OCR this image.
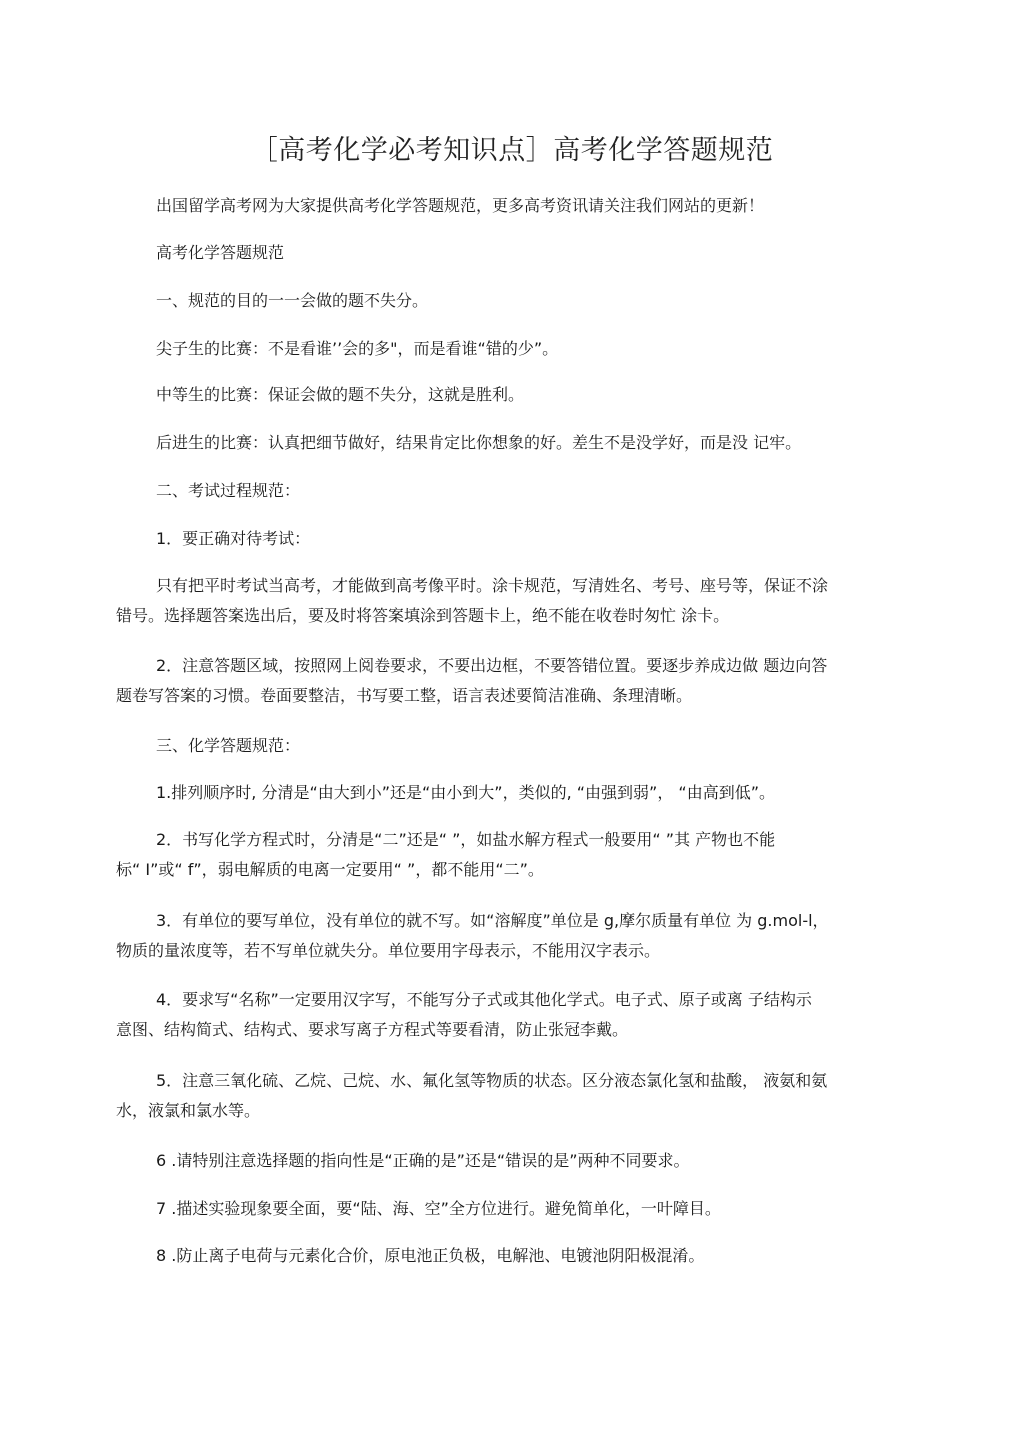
［高考化学必考知识点］高考化学答题规范
出国留学高考网为大家提供高考化学答题规范，更多高考资讯请关注我们网站的更新！
高考化学答题规范
一、规范的目的一一会做的题不失分。
尖子生的比赛：不是看谁’’会的多"，而是看谁“错的少”。
中等生的比赛：保证会做的题不失分，这就是胜利。
后进生的比赛：认真把细节做好，结果肯定比你想象的好。差生不是没学好，而是没 记牢。
二、考试过程规范：
1．要正确对待考试：
只有把平时考试当高考，才能做到高考像平时。涂卡规范，写清姓名、考号、座号等，保证不涂
错号。选择题答案选出后，要及时将答案填涂到答题卡上，绝不能在收卷时匆忙 涂卡。
2．注意答题区域，按照网上阅卷要求，不要出边框，不要答错位置。要逐步养成边做 题边向答
题卷写答案的习惯。卷面要整洁，书写要工整，语言表述要简洁准确、条理清晰。
三、化学答题规范：
1.排列顺序时, 分清是“由大到小”还是“由小到大”，类似的, “由强到弱”， “由高到低”。
2．书写化学方程式时，分清是“二”还是“ ”，如盐水解方程式一般要用“ ”其 产物也不能
标“ I”或“ f”，弱电解质的电离一定要用“ ”，都不能用“二”。
3．有单位的要写单位，没有单位的就不写。如“溶解度”单位是 g,摩尔质量有单位 为 g.mol-l，
物质的量浓度等，若不写单位就失分。单位要用字母表示，不能用汉字表示。
4．要求写“名称”一定要用汉字写，不能写分子式或其他化学式。电子式、原子或离 子结构示
意图、结构简式、结构式、要求写离子方程式等要看清，防止张冠李戴。
5．注意三氧化硫、乙烷、己烷、水、氟化氢等物质的状态。区分液态氯化氢和盐酸， 液氨和氨
水，液氯和氯水等。
6 .请特别注意选择题的指向性是“正确的是”还是“错误的是”两种不同要求。
7 .描述实验现象要全面，要“陆、海、空”全方位进行。避免简单化，一叶障目。
8 .防止离子电荷与元素化合价，原电池正负极，电解池、电镀池阴阳极混淆。
